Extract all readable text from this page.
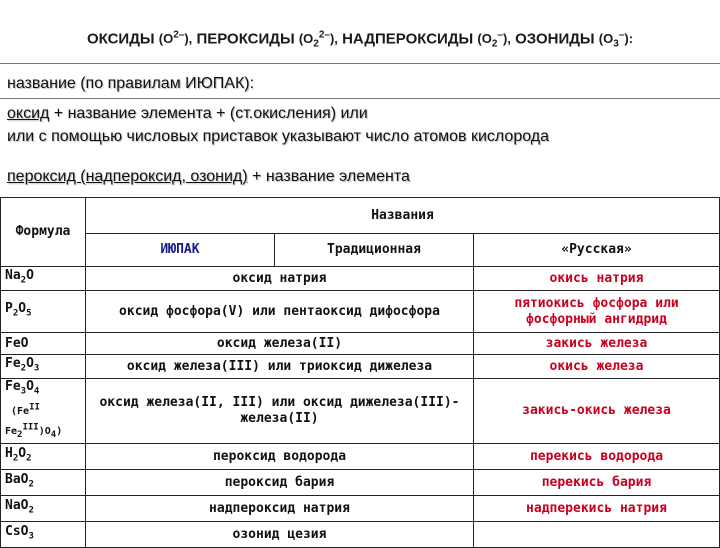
ОКСИДЫ $(O^{2-})$, ПЕРОКСИДЫ $(O_2^{2-})$, НАДПЕРОКСИДЫ $(O_2^-)$, ОЗОНИДЫ $(O_3^-)$:
название (по правилам ИЮПАК):
оксид + название элемента + (ст.окисления) или
или с помощью числовых приставок указывают число атомов кислорода
пероксид (надпероксид, озонид) + название элемента
Формула	Названия		
	ИЮПАК	Традиционная	«Русская»
$Na_2O$	оксид натрия		окись натрия
$P_2O_5$	оксид фосфора(V) или пентаоксид дифосфора		пятиокись фосфора или фосфорный ангидрид
FeO	оксид железа(II)		закись железа
$Fe_2O_3$	оксид железа(III) или триоксид дижелеза		окись железа
$Fe_3O_4$
($Fe^{II}$
$Fe_2^{III})O_4$)	оксид железа(II, III) или оксид дижелеза(III)-железа(II)		закись-окись железа
$H_2O_2$	пероксид водорода		перекись водорода
BaO$_2$	пероксид бария		перекись бария
NaO$_2$	надпероксид натрия		надперекись натрия
CsO$_3$	озонид цезия		
